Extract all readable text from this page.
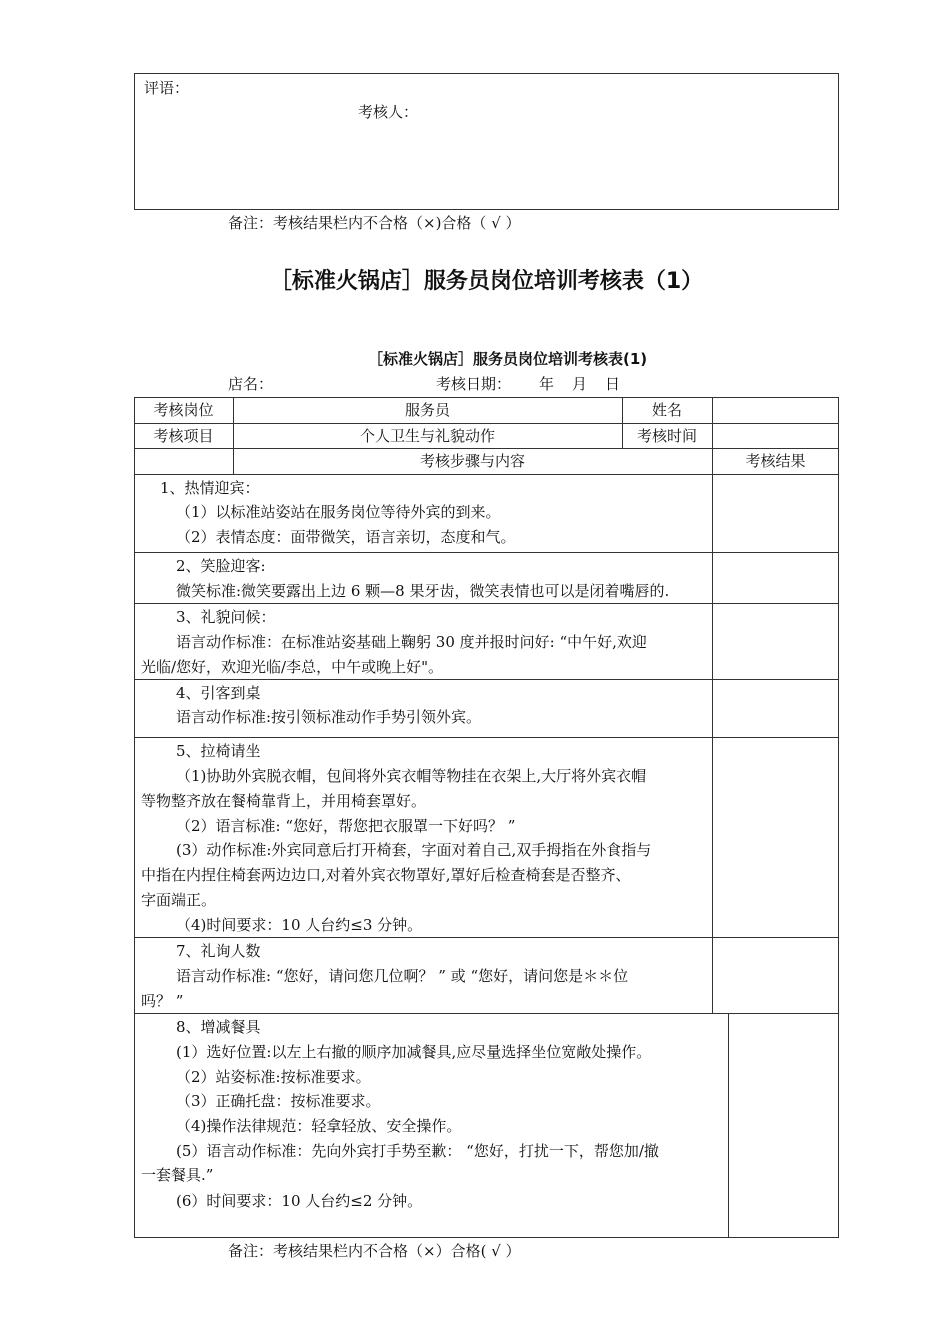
评语：
考核人：
备注：考核结果栏内不合格（×)合格（ √ ）
［标准火锅店］服务员岗位培训考核表（1）
［标准火锅店］服务员岗位培训考核表(1)
店名：	考核日期： 年 月 日
考核岗位	服务员	姓名
考核项目	个人卫生与礼貌动作	考核时间
考核步骤与内容	考核结果
1、热情迎宾：
（1）以标准站姿站在服务岗位等待外宾的到来。
（2）表情态度：面带微笑，语言亲切，态度和气。
2、笑脸迎客:
微笑标准:微笑要露出上边 6 颗—8 果牙齿，微笑表情也可以是闭着嘴唇的.
3、礼貌问候：
语言动作标准：在标准站姿基础上鞠躬 30 度并报时问好: “中午好,欢迎
光临/您好，欢迎光临/李总，中午或晚上好"。
4、引客到桌
语言动作标准:按引领标准动作手势引领外宾。
5、拉椅请坐
（1)协助外宾脱衣帽，包间将外宾衣帽等物挂在衣架上,大厅将外宾衣帽
等物整齐放在餐椅靠背上，并用椅套罩好。
（2）语言标准: “您好，帮您把衣服罩一下好吗？ ”
(3）动作标准:外宾同意后打开椅套，字面对着自己,双手拇指在外食指与
中指在内捏住椅套两边边口,对着外宾衣物罩好,罩好后检查椅套是否整齐、
字面端正。
（4)时间要求：10 人台约≤3 分钟。
7、礼询人数
语言动作标准: “您好，请问您几位啊？ ” 或 “您好，请问您是＊＊位
吗？ ”
8、增减餐具
(1）选好位置:以左上右撤的顺序加减餐具,应尽量选择坐位宽敞处操作。
（2）站姿标准:按标准要求。
（3）正确托盘：按标准要求。
（4)操作法律规范：轻拿轻放、安全操作。
(5）语言动作标准：先向外宾打手势至歉： “您好，打扰一下，帮您加/撤
一套餐具.”
(6）时间要求：10 人台约≤2 分钟。
备注：考核结果栏内不合格（×）合格( √ ）
